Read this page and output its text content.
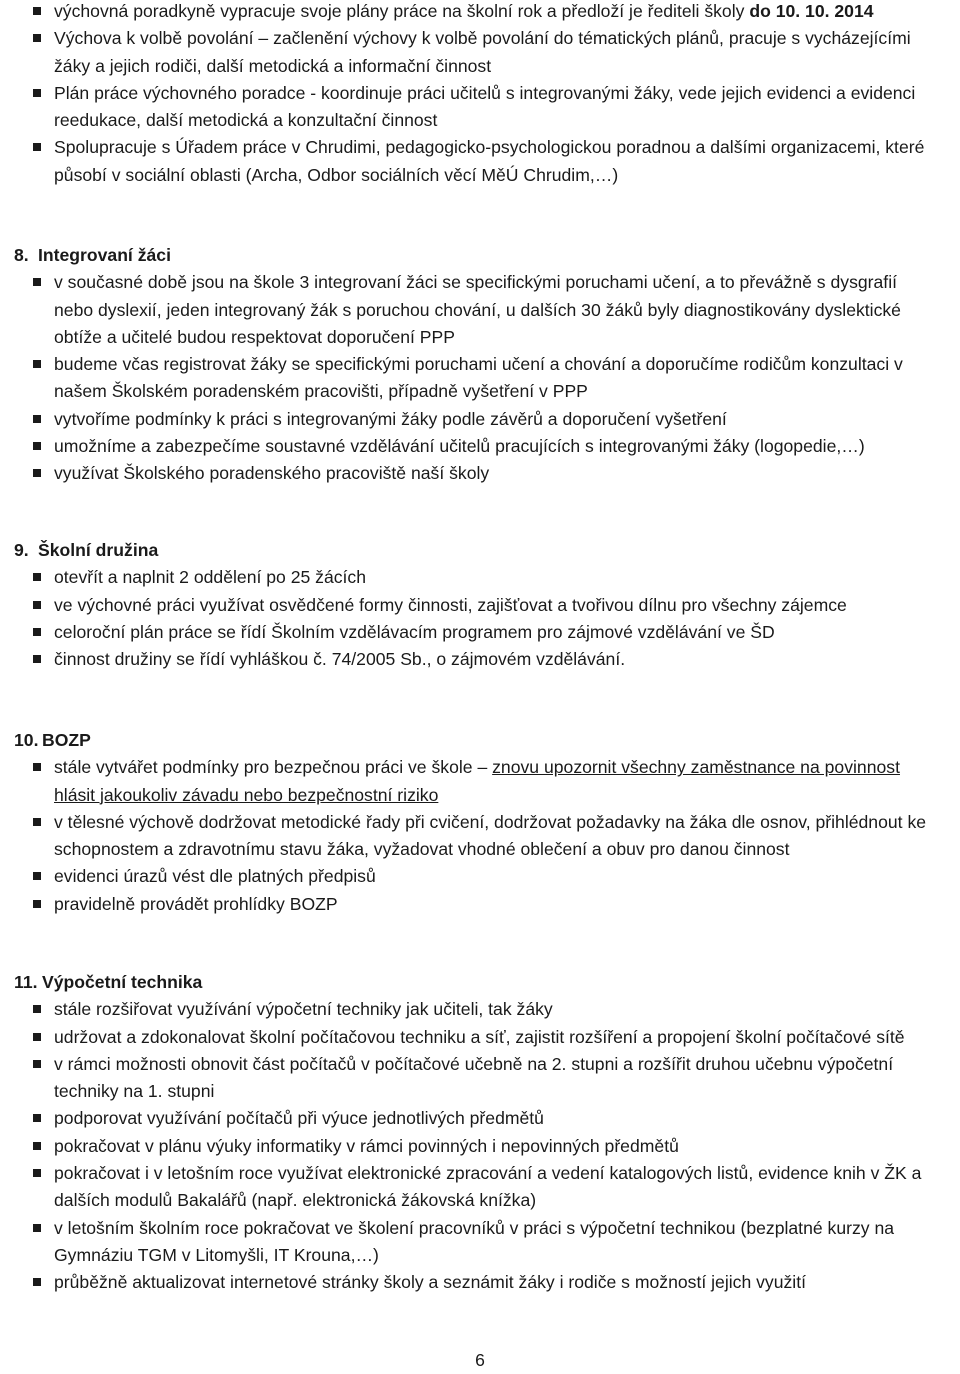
výchovná poradkyně vypracuje svoje plány práce na školní rok a předloží je řediteli školy do 10. 10. 2014
Výchova k volbě povolání – začlenění výchovy k volbě povolání do tématických plánů, pracuje s vycházejícími žáky a jejich rodiči, další metodická a informační činnost
Plán práce výchovného poradce - koordinuje práci učitelů s integrovanými žáky, vede jejich evidenci a evidenci reedukace, další metodická a konzultační činnost
Spolupracuje s Úřadem práce v Chrudimi, pedagogicko-psychologickou poradnou a dalšími organizacemi, které působí v sociální oblasti (Archa, Odbor sociálních věcí MěÚ Chrudim,…)
8. Integrovaní žáci
v současné době jsou na škole 3 integrovaní žáci se specifickými poruchami učení, a to převážně s dysgrafií nebo dyslexií, jeden integrovaný žák s poruchou chování, u dalších 30 žáků byly diagnostikovány dyslektické obtíže a učitelé budou respektovat doporučení PPP
budeme včas registrovat žáky se specifickými poruchami učení a chování a doporučíme rodičům konzultaci v našem Školském poradenském pracovišti, případně vyšetření v PPP
vytvoříme podmínky k práci s integrovanými žáky podle závěrů a doporučení vyšetření
umožníme a zabezpečíme soustavné vzdělávání učitelů pracujících s integrovanými žáky (logopedie,…)
využívat Školského poradenského pracoviště naší školy
9. Školní družina
otevřít a naplnit 2 oddělení po 25 žácích
ve výchovné práci využívat osvědčené formy činnosti, zajišťovat a tvořivou dílnu pro všechny zájemce
celoroční plán práce se řídí Školním vzdělávacím programem pro zájmové vzdělávání ve ŠD
činnost družiny se řídí vyhláškou č. 74/2005 Sb., o zájmovém vzdělávání.
10. BOZP
stále vytvářet podmínky pro bezpečnou práci ve škole – znovu upozornit všechny zaměstnance na povinnost hlásit jakoukoliv závadu nebo bezpečnostní riziko
v tělesné výchově dodržovat metodické řady při cvičení, dodržovat požadavky na žáka dle osnov, přihlédnout ke schopnostem a zdravotnímu stavu žáka, vyžadovat vhodné oblečení a obuv pro danou činnost
evidenci úrazů vést dle platných předpisů
pravidelně provádět prohlídky BOZP
11. Výpočetní technika
stále rozšiřovat využívání výpočetní techniky jak učiteli, tak žáky
udržovat a zdokonalovat školní počítačovou techniku a síť, zajistit rozšíření a propojení školní počítačové sítě
v rámci možnosti obnovit část počítačů v počítačové učebně na 2. stupni a rozšířit druhou učebnu výpočetní techniky na 1. stupni
podporovat využívání počítačů při výuce jednotlivých předmětů
pokračovat v plánu výuky informatiky v rámci povinných i nepovinných předmětů
pokračovat i v letošním roce využívat elektronické zpracování a vedení katalogových listů, evidence knih v ŽK a dalších modulů Bakalářů (např. elektronická žákovská knížka)
v letošním školním roce pokračovat ve školení pracovníků v práci s výpočetní technikou (bezplatné kurzy na Gymnáziu TGM v Litomyšli, IT Krouna,…)
průběžně aktualizovat internetové stránky školy a seznámit žáky i rodiče s možností jejich využití
6
